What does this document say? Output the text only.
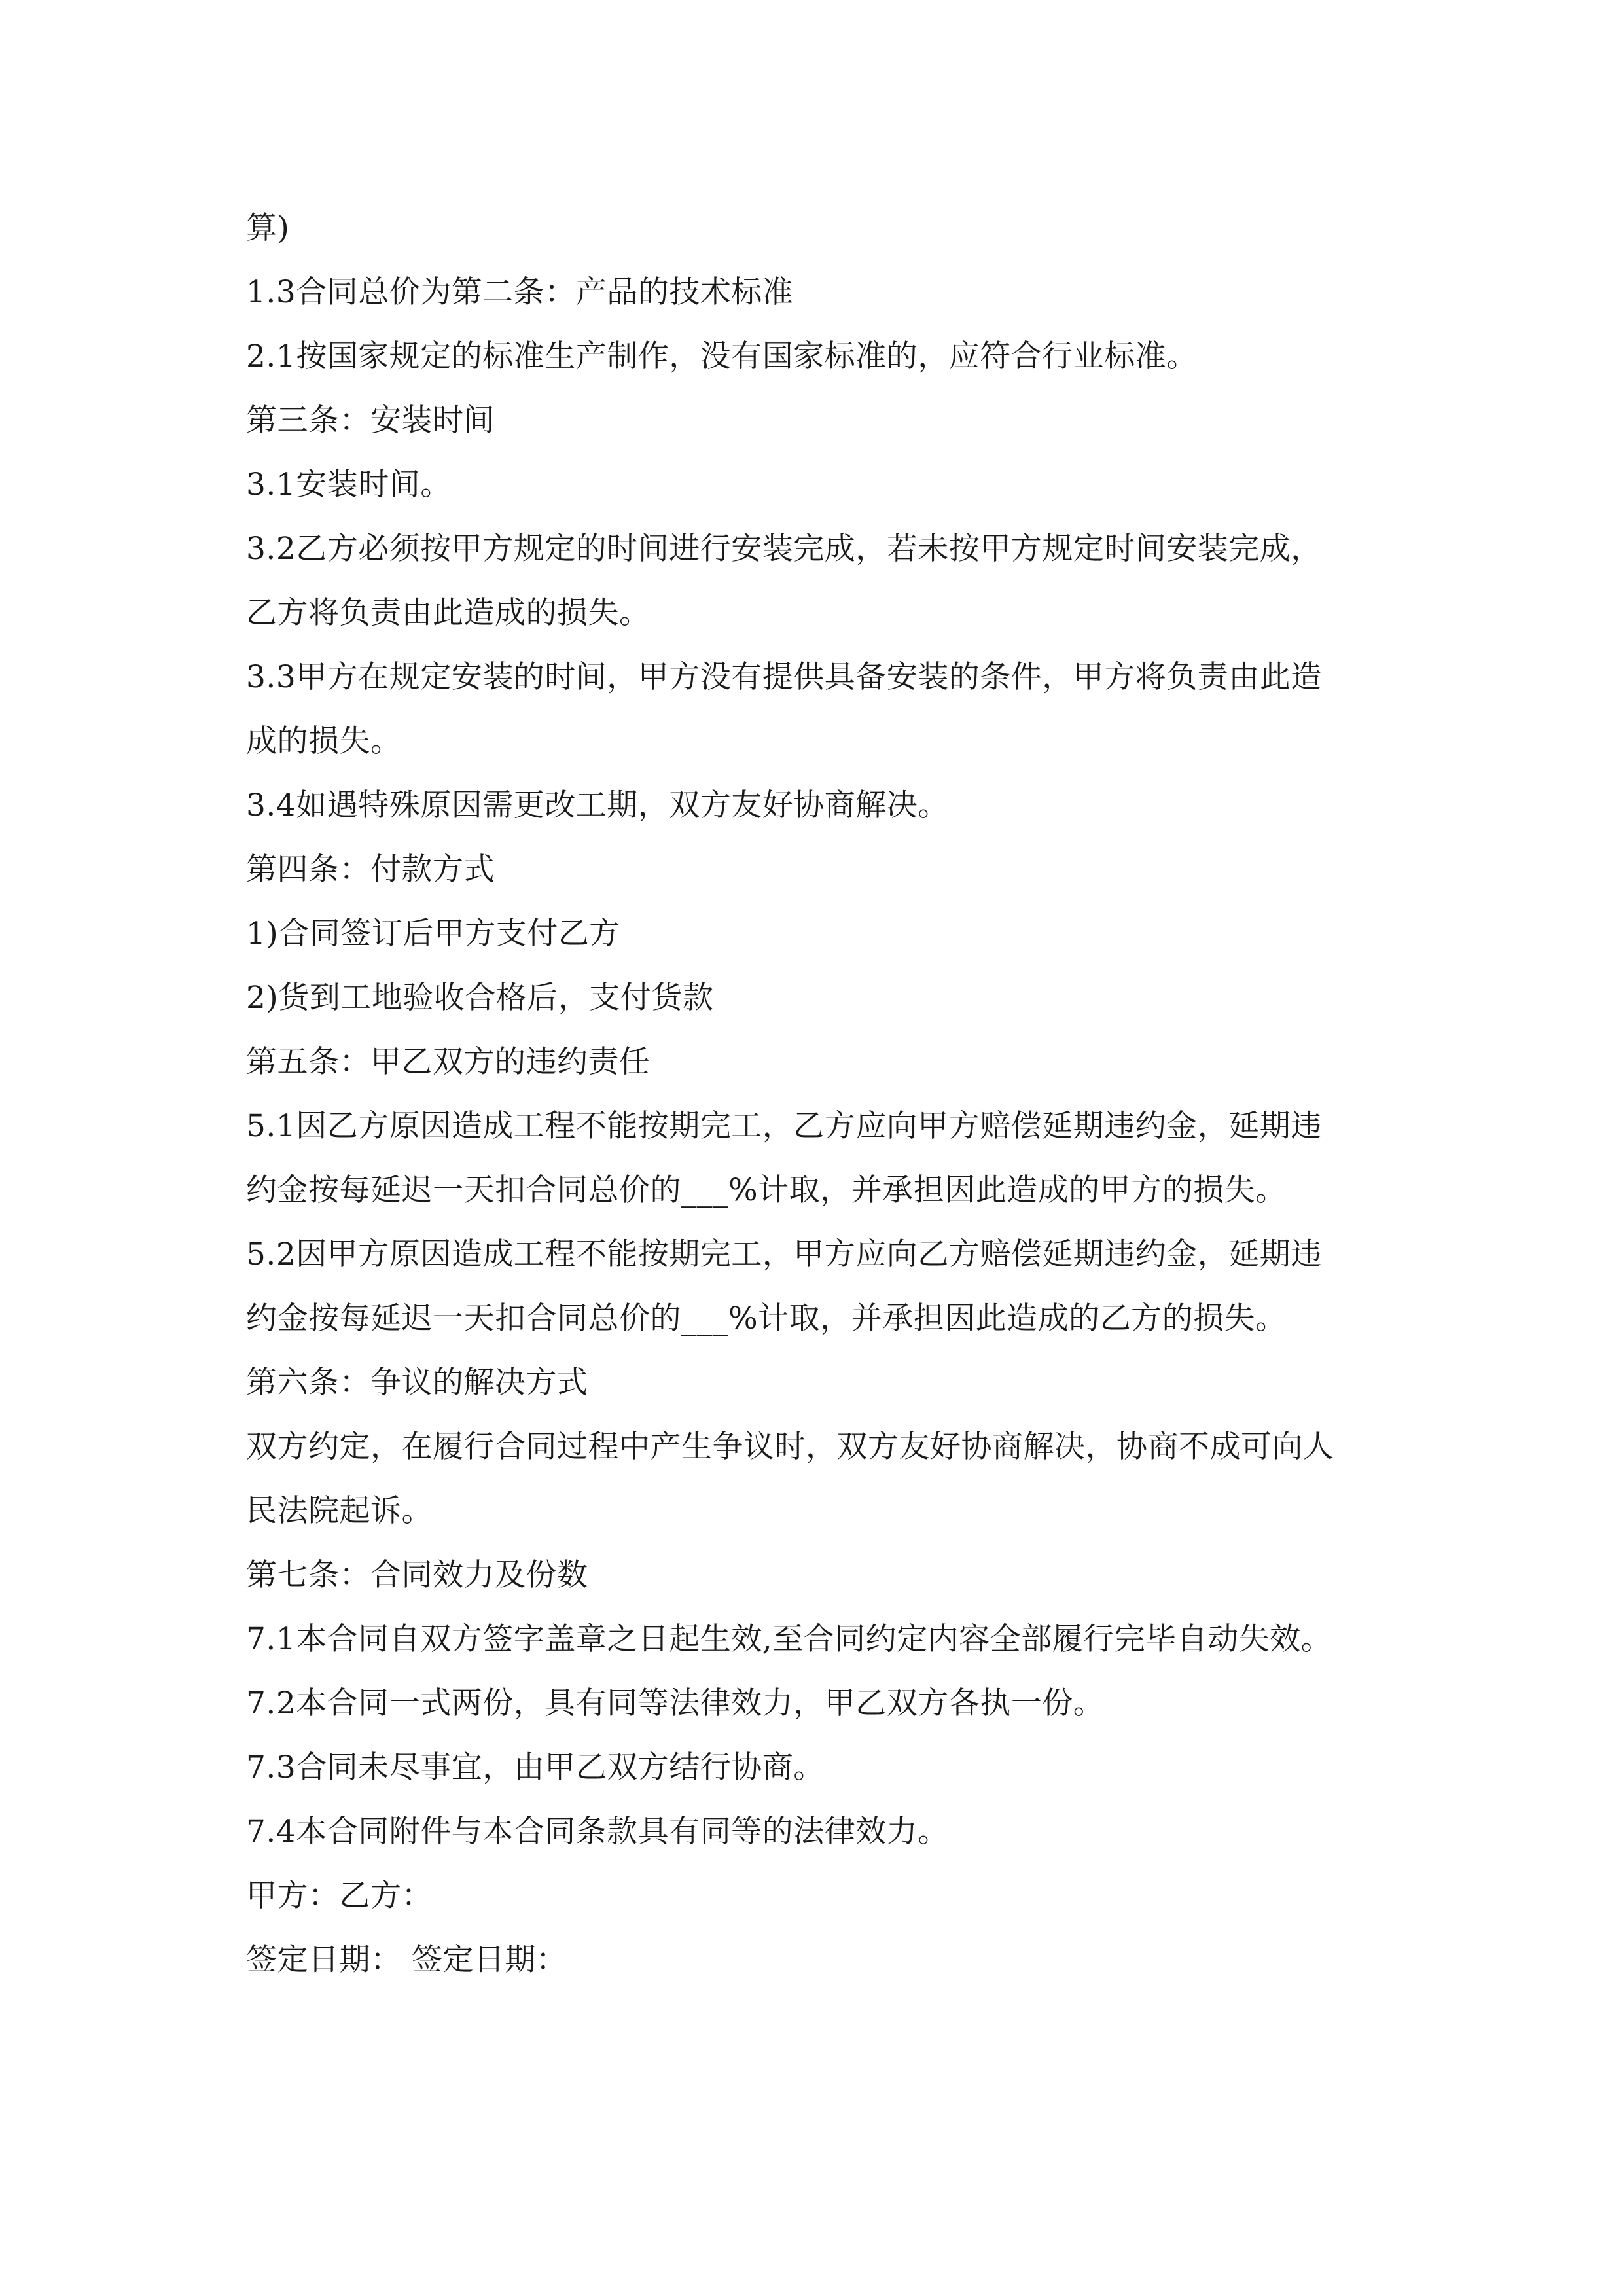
算)
1.3合同总价为第二条：产品的技术标准
2.1按国家规定的标准生产制作，没有国家标准的，应符合行业标准。
第三条：安装时间
3.1安装时间。
3.2乙方必须按甲方规定的时间进行安装完成，若未按甲方规定时间安装完成，
乙方将负责由此造成的损失。
3.3甲方在规定安装的时间，甲方没有提供具备安装的条件，甲方将负责由此造
成的损失。
3.4如遇特殊原因需更改工期，双方友好协商解决。
第四条：付款方式
1)合同签订后甲方支付乙方
2)货到工地验收合格后，支付货款
第五条：甲乙双方的违约责任
5.1因乙方原因造成工程不能按期完工，乙方应向甲方赔偿延期违约金，延期违
约金按每延迟一天扣合同总价的___%计取，并承担因此造成的甲方的损失。
5.2因甲方原因造成工程不能按期完工，甲方应向乙方赔偿延期违约金，延期违
约金按每延迟一天扣合同总价的___%计取，并承担因此造成的乙方的损失。
第六条：争议的解决方式
双方约定，在履行合同过程中产生争议时，双方友好协商解决，协商不成可向人
民法院起诉。
第七条：合同效力及份数
7.1本合同自双方签字盖章之日起生效,至合同约定内容全部履行完毕自动失效。
7.2本合同一式两份，具有同等法律效力，甲乙双方各执一份。
7.3合同未尽事宜，由甲乙双方结行协商。
7.4本合同附件与本合同条款具有同等的法律效力。
甲方：乙方：
签定日期： 签定日期：
